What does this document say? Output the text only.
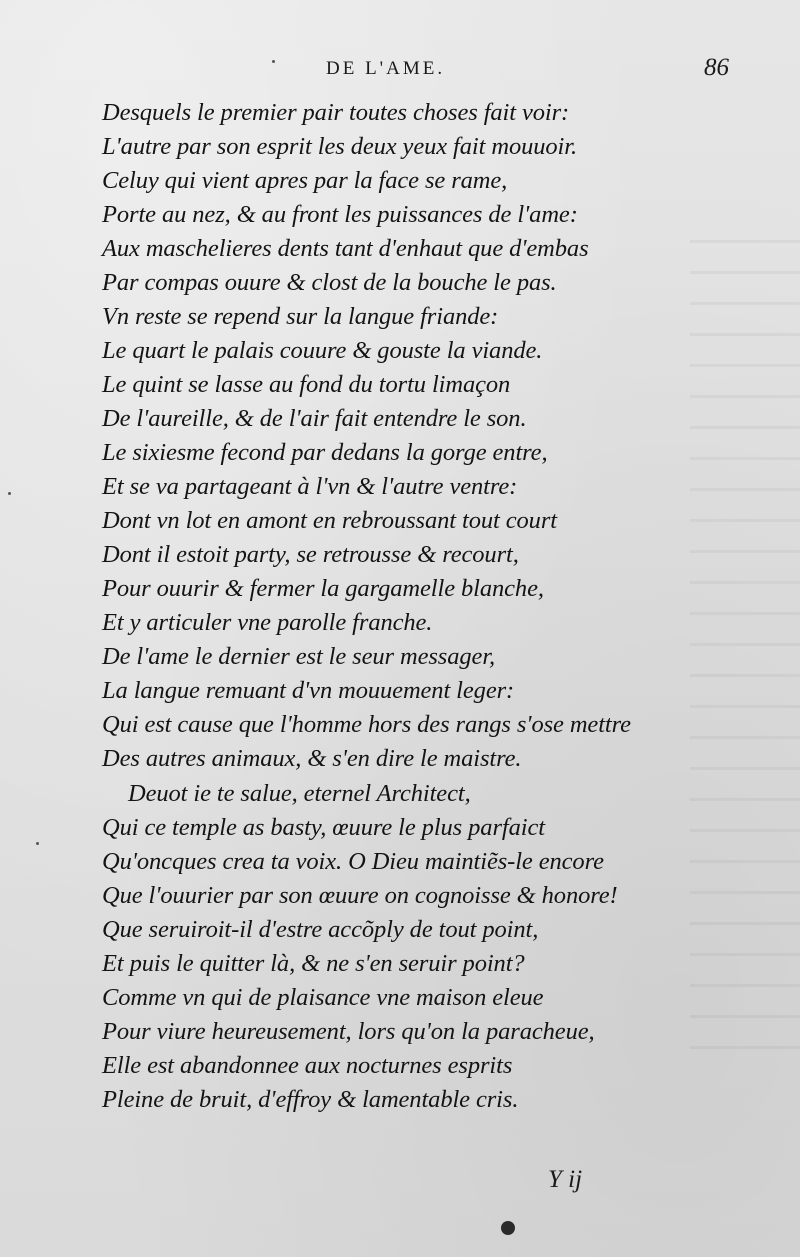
DE L'AME.	86
Desquels le premier pair toutes choses fait voir:
L'autre par son esprit les deux yeux fait mouuoir.
Celuy qui vient apres par la face se rame,
Porte au nez, & au front les puissances de l'ame:
Aux maschelieres dents tant d'enhaut que d'embas
Par compas ouure & clost de la bouche le pas.
Vn reste se repend sur la langue friande:
Le quart le palais couure & gouste la viande.
Le quint se lasse au fond du tortu limaçon
De l'aureille, & de l'air fait entendre le son.
Le sixiesme fecond par dedans la gorge entre,
Et se va partageant à l'vn & l'autre ventre:
Dont vn lot en amont en rebroussant tout court
Dont il estoit party, se retrousse & recourt,
Pour ouurir & fermer la gargamelle blanche,
Et y articuler vne parolle franche.
De l'ame le dernier est le seur messager,
La langue remuant d'vn mouuement leger:
Qui est cause que l'homme hors des rangs s'ose mettre
Des autres animaux, & s'en dire le maistre.
Deuot ie te salue, eternel Architect,
Qui ce temple as basty, œuure le plus parfaict
Qu'oncques crea ta voix. O Dieu maintiẽs-le encore
Que l'ouurier par son œuure on cognoisse & honore!
Que seruiroit-il d'estre accõply de tout point,
Et puis le quitter là, & ne s'en seruir point?
Comme vn qui de plaisance vne maison eleue
Pour viure heureusement, lors qu'on la paracheue,
Elle est abandonnee aux nocturnes esprits
Pleine de bruit, d'effroy & lamentable cris.
Y ij
